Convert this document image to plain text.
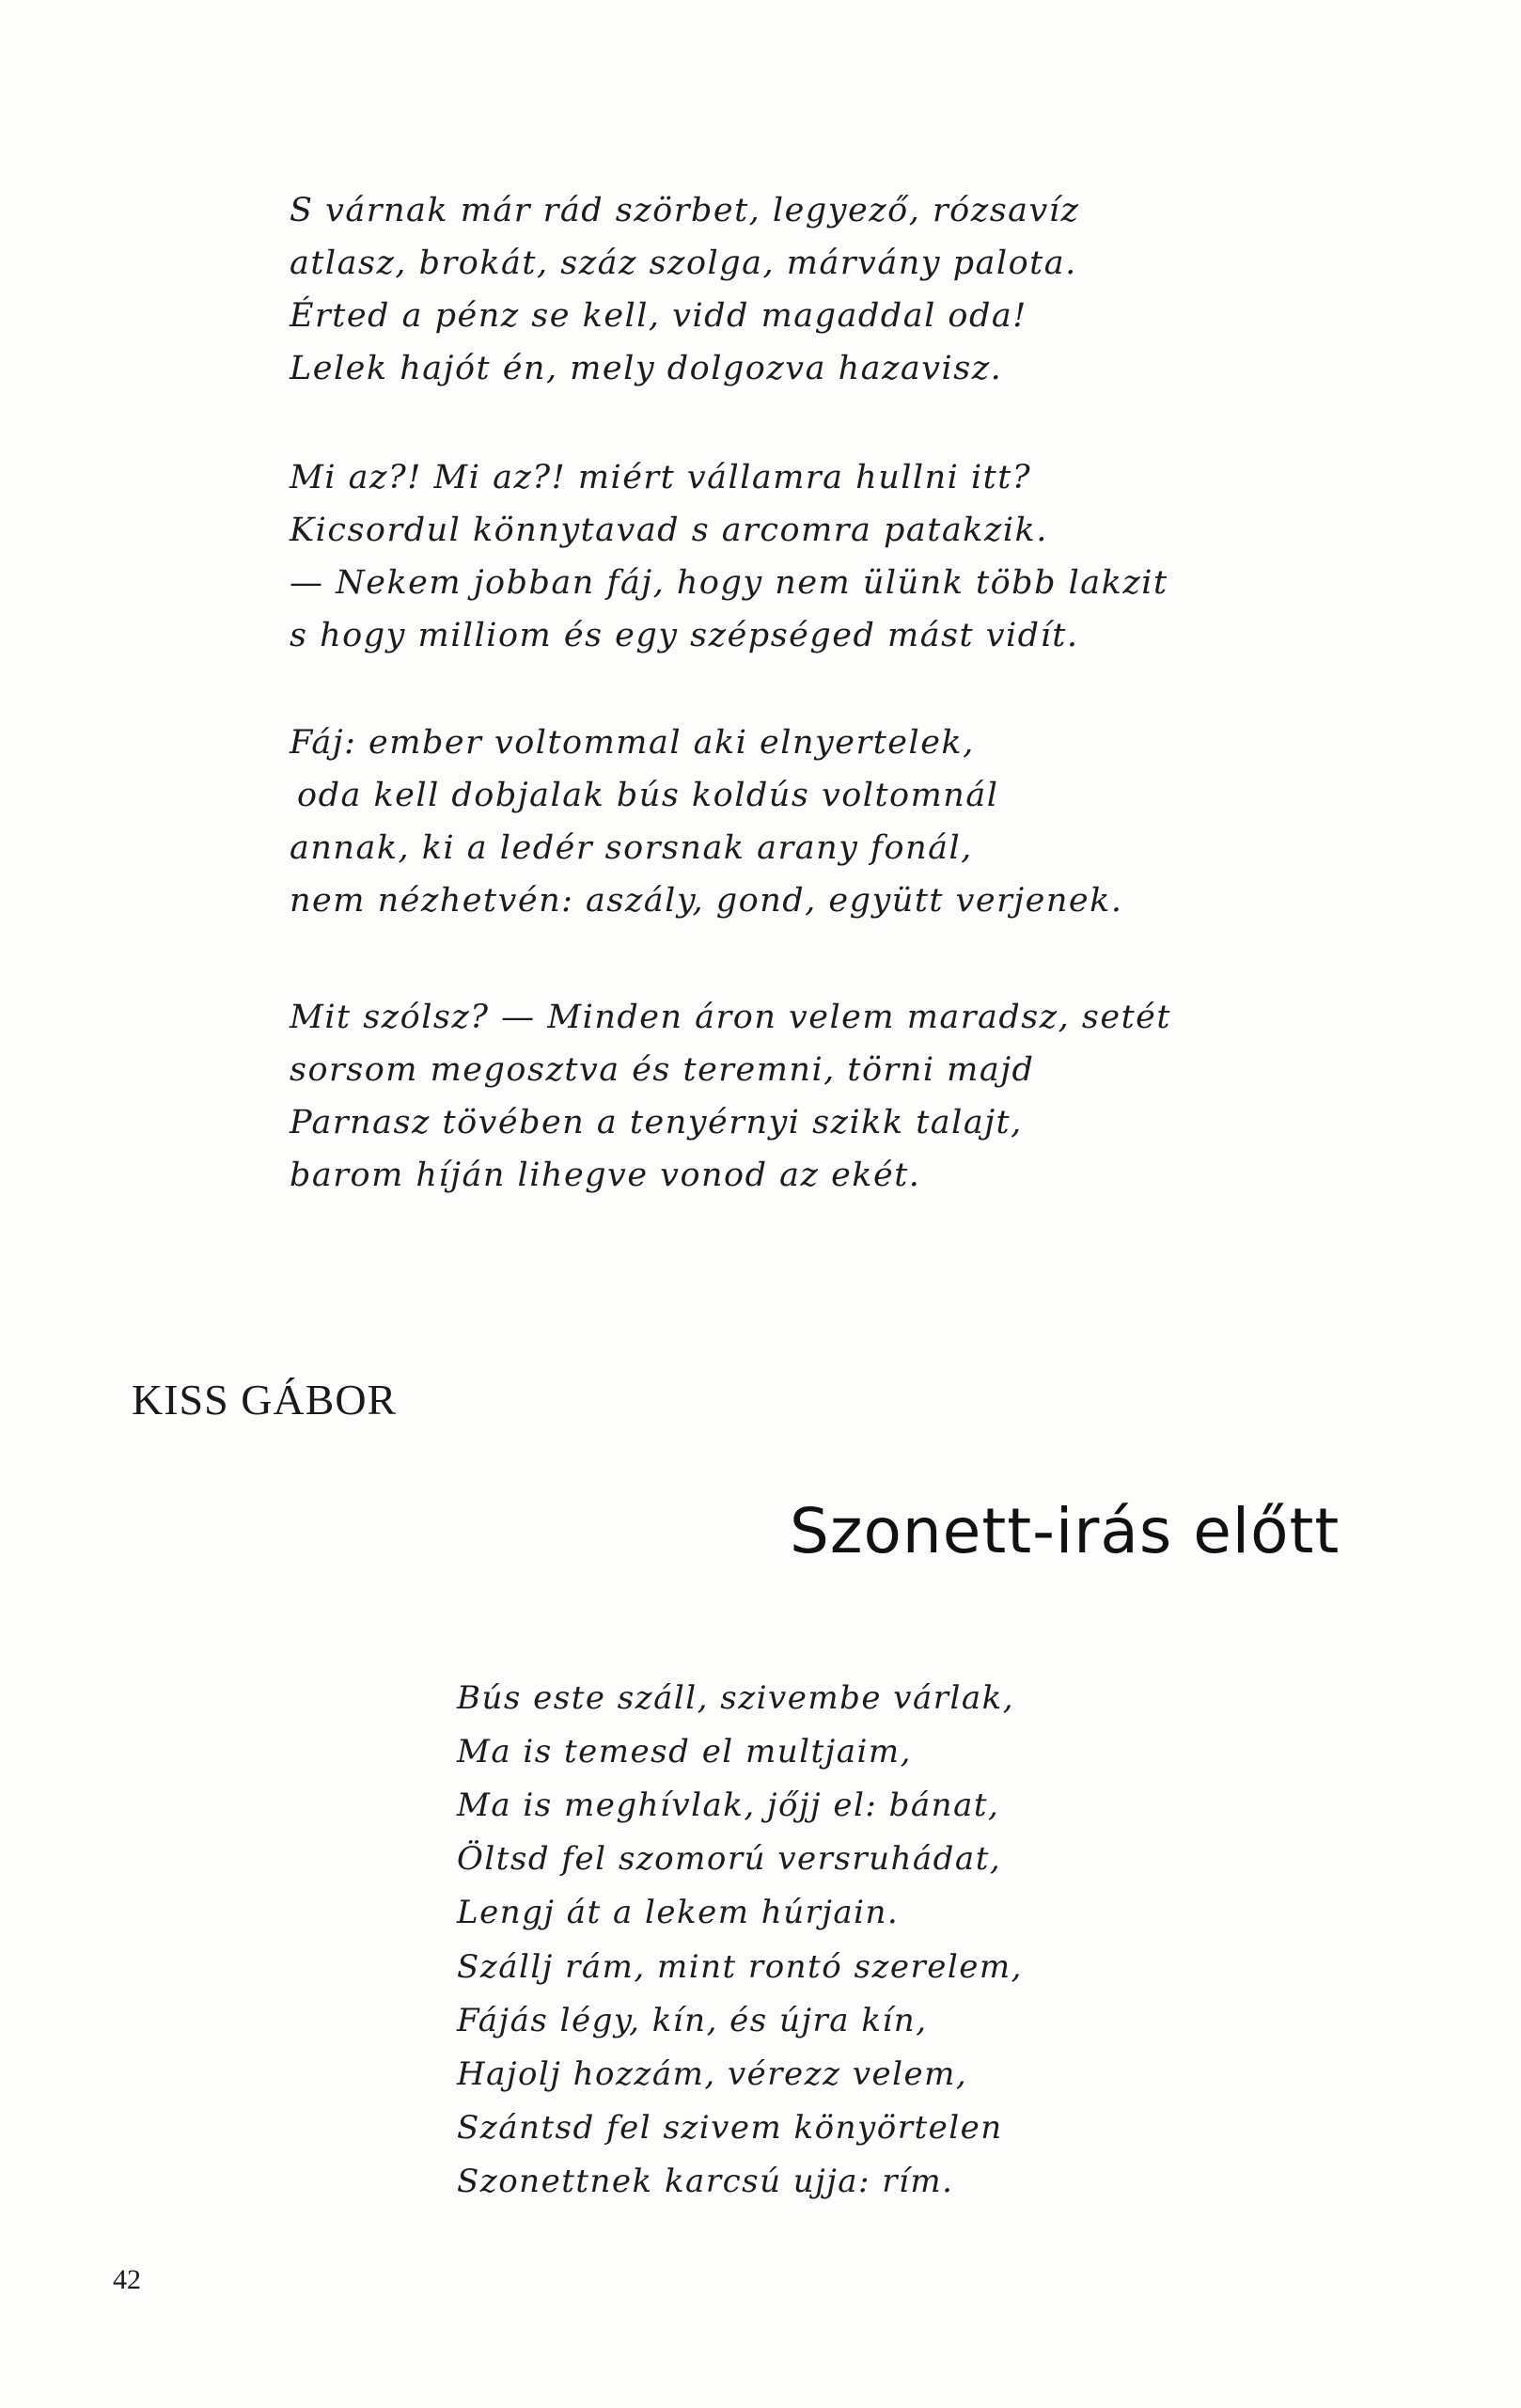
S várnak már rád szörbet, legyező, rózsavíz
atlasz, brokát, száz szolga, márvány palota.
Érted a pénz se kell, vidd magaddal oda!
Lelek hajót én, mely dolgozva hazavisz.
Mi az?! Mi az?! miért vállamra hullni itt?
Kicsordul könnytavad s arcomra patakzik.
— Nekem jobban fáj, hogy nem ülünk több lakzit
s hogy milliom és egy szépséged mást vidít.
Fáj: ember voltommal aki elnyertelek,
oda kell dobjalak bús koldús voltomnál
annak, ki a ledér sorsnak arany fonál,
nem nézhetvén: aszály, gond, együtt verjenek.
Mit szólsz? — Minden áron velem maradsz, setét
sorsom megosztva és teremni, törni majd
Parnasz tövében a tenyérnyi szikk talajt,
barom híján lihegve vonod az ekét.
KISS GÁBOR
Szonett-irás előtt
Bús este száll, szivembe várlak,
Ma is temesd el multjaim,
Ma is meghívlak, jőjj el: bánat,
Öltsd fel szomorú versruhádat,
Lengj át a lekem húrjain.
Szállj rám, mint rontó szerelem,
Fájás légy, kín, és újra kín,
Hajolj hozzám, vérezz velem,
Szántsd fel szivem könyörtelen
Szonettnek karcsú ujja: rím.
42
